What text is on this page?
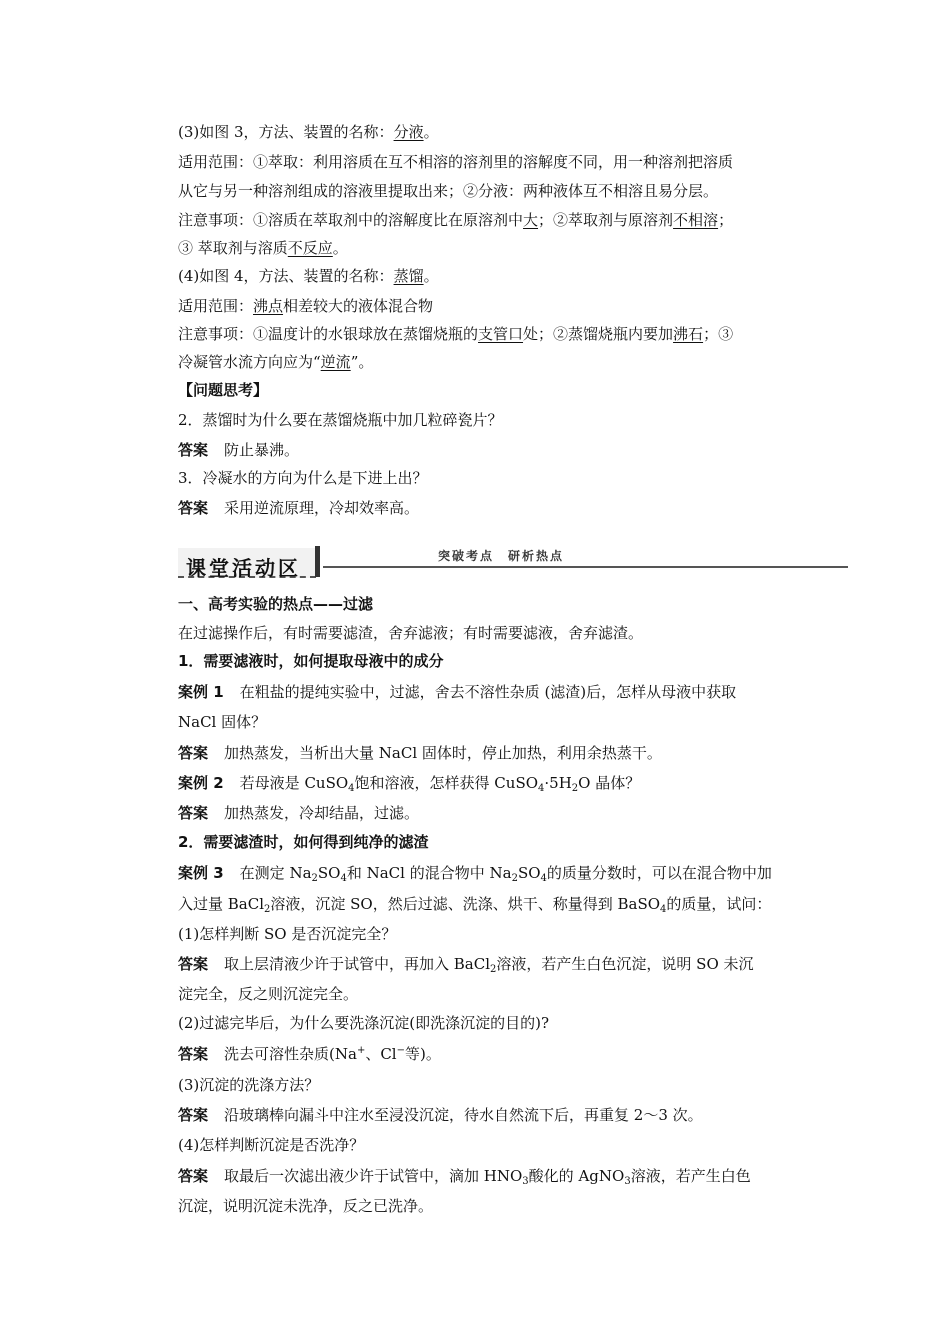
(3)如图 3，方法、装置的名称：分液。
适用范围：①萃取：利用溶质在互不相溶的溶剂里的溶解度不同，用一种溶剂把溶质
从它与另一种溶剂组成的溶液里提取出来；②分液：两种液体互不相溶且易分层。
注意事项：①溶质在萃取剂中的溶解度比在原溶剂中大；②萃取剂与原溶剂不相溶；
③ 萃取剂与溶质不反应。
(4)如图 4，方法、装置的名称：蒸馏。
适用范围：沸点相差较大的液体混合物
注意事项：①温度计的水银球放在蒸馏烧瓶的支管口处；②蒸馏烧瓶内要加沸石；③
冷凝管水流方向应为“逆流”。
【问题思考】
2．蒸馏时为什么要在蒸馏烧瓶中加几粒碎瓷片？
答案 防止暴沸。
3．冷凝水的方向为什么是下进上出？
答案 采用逆流原理，冷却效率高。
课堂活动区	突破考点　研析热点
一、高考实验的热点——过滤
在过滤操作后，有时需要滤渣，舍弃滤液；有时需要滤液，舍弃滤渣。
1．需要滤液时，如何提取母液中的成分
案例 1 在粗盐的提纯实验中，过滤，舍去不溶性杂质 (滤渣)后，怎样从母液中获取
NaCl 固体？
答案 加热蒸发，当析出大量 NaCl 固体时，停止加热，利用余热蒸干。
案例 2 若母液是 CuSO$_4$饱和溶液，怎样获得 $CuSO_4\cdot 5H_2O$ 晶体？
答案 加热蒸发，冷却结晶，过滤。
2．需要滤渣时，如何得到纯净的滤渣
案例 3 在测定 $Na_2SO_4$和 NaCl 的混合物中 $Na_2SO_4$的质量分数时，可以在混合物中加
入过量 BaCl$_2$溶液，沉淀 SO，然后过滤、洗涤、烘干、称量得到 BaSO$_4$的质量，试问：
(1)怎样判断 SO 是否沉淀完全？
答案 取上层清液少许于试管中，再加入 BaCl$_2$溶液，若产生白色沉淀，说明 SO 未沉
淀完全，反之则沉淀完全。
(2)过滤完毕后，为什么要洗涤沉淀(即洗涤沉淀的目的)?
答案 洗去可溶性杂质(Na+、Cl−等)。
(3)沉淀的洗涤方法？
答案 沿玻璃棒向漏斗中注水至浸没沉淀，待水自然流下后，再重复 2～3 次。
(4)怎样判断沉淀是否洗净？
答案 取最后一次滤出液少许于试管中，滴加 $HNO_3$酸化的 AgNO$_3$溶液，若产生白色
沉淀，说明沉淀未洗净，反之已洗净。
